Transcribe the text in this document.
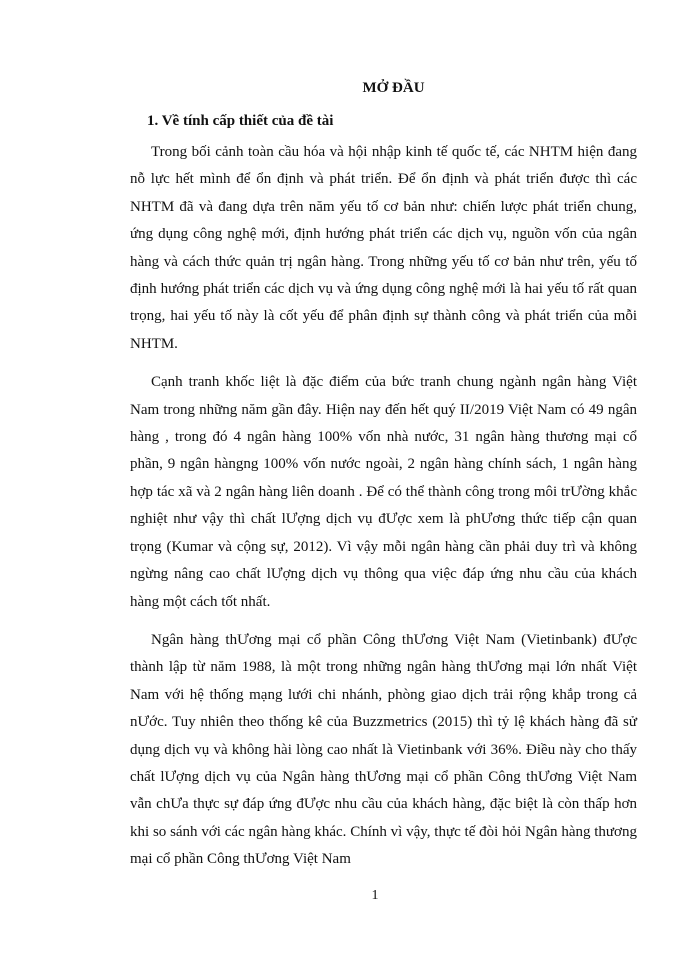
MỞ ĐẦU
1. Về tính cấp thiết của đề tài

Trong bối cảnh toàn cầu hóa và hội nhập kinh tế quốc tế, các NHTM hiện đang nỗ lực hết mình để ổn định và phát triển. Để ổn định và phát triển được thì các NHTM đã và đang dựa trên năm yếu tố cơ bản như: chiến lược phát triển chung, ứng dụng công nghệ mới, định hướng phát triển các dịch vụ, nguồn vốn của ngân hàng và cách thức quản trị ngân hàng. Trong những yếu tố cơ bản như trên, yếu tố định hướng phát triển các dịch vụ và ứng dụng công nghệ mới là hai yếu tố rất quan trọng, hai yếu tố này là cốt yếu để phân định sự thành công và phát triển của mỗi NHTM.

Cạnh tranh khốc liệt là đặc điểm của bức tranh chung ngành ngân hàng Việt Nam trong những năm gần đây. Hiện nay đến hết quý II/2019 Việt Nam có 49 ngân hàng , trong đó 4 ngân hàng 100% vốn nhà nước, 31 ngân hàng thương mại cổ phần, 9 ngân hàngng 100% vốn nước ngoài, 2 ngân hàng chính sách, 1 ngân hàng hợp tác xã và 2 ngân hàng liên doanh . Để có thể thành công trong môi trƯờng khắc nghiệt như vậy thì chất lƯợng dịch vụ đƯợc xem là phƯơng thức tiếp cận quan trọng (Kumar và cộng sự, 2012). Vì vậy mỗi ngân hàng cần phải duy trì và không ngừng nâng cao chất lƯợng dịch vụ thông qua việc đáp ứng nhu cầu của khách hàng một cách tốt nhất.

Ngân hàng thƯơng mại cổ phần Công thƯơng Việt Nam (Vietinbank) đƯợc thành lập từ năm 1988, là một trong những ngân hàng thƯơng mại lớn nhất Việt Nam với hệ thống mạng lưới chi nhánh, phòng giao dịch trải rộng khắp trong cả nƯớc. Tuy nhiên theo thống kê của Buzzmetrics (2015) thì tỷ lệ khách hàng đã sử dụng dịch vụ và không hài lòng cao nhất là Vietinbank với 36%. Điều này cho thấy chất lƯợng dịch vụ của Ngân hàng thƯơng mại cổ phần Công thƯơng Việt Nam vẫn chƯa thực sự đáp ứng đƯợc nhu cầu của khách hàng, đặc biệt là còn thấp hơn khi so sánh với các ngân hàng khác. Chính vì vậy, thực tế đòi hỏi Ngân hàng thương mại cổ phần Công thƯơng Việt Nam

1
